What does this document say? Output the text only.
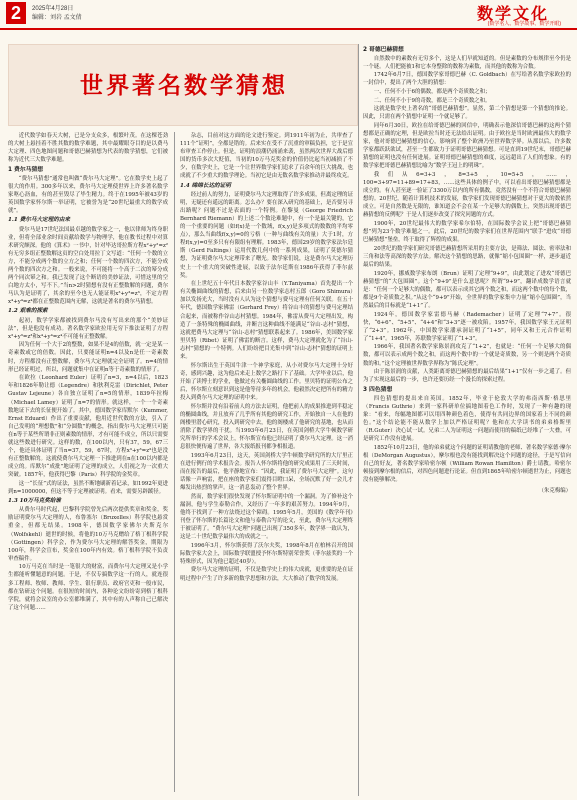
2	2025年4月28日
编辑：刘岩 孟文倩	数学文化
(数学名人、数学故事、数学开眼)
世界著名数学猜想

近代数学如春天大树，已是分支众多，根繁叶茂。在这棵苍劲的大树上悬挂着不胜其数的数学难题，其中最耀眼夺目的是以费马大定理、四色地图问题和哥德巴赫猜想为代表的数学猜想，它们被称为近代三大数学难题。

1 费尔马猜想

“费尔马猜想”通常也叫做“费尔马大定理”。它在数学史上起了很大的作用。300多年以来，费尔马大定理使世界上许多著名数学家呕心沥血，有的甚至毁尽了毕生精力。终于在1995年被43岁的英国数学家怀尔斯一举证明，它被誉为是“20世纪最重大的数学成就”。

1.1 费尔马大定理的由来

费尔马是17世纪法国最卓越的数学家之一，他以律师为终身职业，但将全部业余时间贡献给数学与物理学，他在教书过程中对算术研究颇深。他的《算术》一书中，针对毕达哥拉斯方程x²+y²=z²有无穷多组正整数解这页的空白处用拉丁文写道：“任何一个数的立方，不能分成两个数的立方之和；任何一个数的四次方，不能分成两个数的四次方之和。一般来说，不可能将一个高于二次的幂分成两个同次幂之和。我已发现了这个断语的美妙证法，可惜这里的空白地方太小，写不下。”当n>2时猜想有没有正整数解的问题，费尔马认为是证明了，其余的至今也无人能证明x³+y³=z³，不定方程x⁴+y⁴=z⁴都在正整数范围内无解，这就是著名的费尔马猜想。

1.2 艰难的探索

起初，数学学家都被找到费尔马没有写出来的那个“美妙证法”，但是他没有成功。著名数学家欧拉用无穷下推法证明了方程x³+y³=z³和x⁴+y⁴=z⁴不可能有正整数解。

因为任何一个大于2的整数，如果不是4的倍数，就一定是某一奇素数或它的倍数。因此，只要能证明n=4以及n是任一奇素数时，方程都没有正整数解，费尔马大定理就完全证明了。n=4的情形已经证明过，所以，问题就集中在证明n等于奇素数的情形了。

在欧拉（Leonhard Euler）证明了n=3，n=4以后，1823年和1826年勒让德（Legendre）和狄利克雷（Dirichlet, Peter Gustav Lejeune）各自独立证明了n=5的情形，1839年拉梅（Michael Lamey）证明了n=7的情形。就这样，一个一个奇素数地证下去的长征便开始了。其中，德国数学家库默尔（Kummer, Ernst Eduard）作出了重要贡献，他用近世代数的方法，引入了自己发明的“理想数”和“分圆数”的概念，指出费尔马大定理只可能在n等于某些所谓非正则素数的情形，才有可能不成立，所以只需要就这些数进行研究。这样的数，在100以内，只有37，59，67三个，他还具体证明了当n=37，59，67时，方程x³+y³=z³也是没有正整数解的。这就使费尔马大定理一下推进到在n在100以内都是成立的。库默尔“成批”地证明了定理的成立，人们视之为一次重大突破。1857年，他获得巴黎（Paris）科学院的金奖章。

这一“长征”式的证法，虽然不断地刷新着记录，如1992年更进到n=1000000，但这不等于定理被证明。看来，需要另辟蹊径。

1.3 10万马克奖给谁

从费尔马时代起，巴黎科学院曾先后两次提供奖章和奖金，奖励证明费尔马大定理的人，布鲁塞尔（Bruxelles）科学院也悬赏重金，但都无结果。1908年，德国数学家佛尔夫斯克尔（Wolfskehl）逝世的时候，将他的10万马克赠给了格丁根科学院（Gottingen）科学会，作为费尔马大定理的解答奖金，期限为100年，科学会宣布，奖金在100年内有效。格丁根科学院不负责审查稿件。

10万马克在当时是一笔很大的财富，而费尔马大定理又是小学生都能听懂题意的问题。于是，不仅专搞数学这一行的人，就连很多工程师、牧师、教师、学生、银行职员、政府官吏和一般市民，都在钻研这个问题。在很短的时间内，各种论文纷纷寄到格丁根科学院，就将会议室的办公室都堆满了，其中有的人声称自己已解决了这个问题……

杂志，目前对这方面的论文进行鉴定。到1911年初为止，共审查了111个“证明”，全都是错的。后来实在受不了沉重的审稿负担，它于是宣布审查工作停止。但是，证明的浪潮仍涌涌来袭，虽然两次世界大战后德国的货币多次大贬值，当初的10万马克奖金的价值仍比起当初减损了不少，在数学史上，它是一个让世界数学家们追求了百余年的巨大挑战，也成就了不少重大的数学理论。当初它是由无数名数学家推动并最终攻克。

1.4 绵绵长达的证明

经过前人的努力，证明费尔马大定理取得了许多成果，但离定理的证明，无疑还有遥远的距离。怎么办？要在深入研究的基础上，是否要另寻出路呢？问题不过是表面的一个特例。在黎曼（George Friedrich Bernhard Riemann）的上述二个数论难题中，有一个是最关键的，它的一个重要的问题（如f(x)是一个数域，f(x,y)是多项式的数数的平均零点），那么当曲线f(x,y)=0的亏格（一种与曲线有关的量）大于1时，方程f(x,y)=0至多只有有限组有理解。1983年，德国29岁的数学家法尔廷斯（Gerd Faltings）运用代数几何中的一系列成果，证明了莫德尔猜想，为证明费尔马大定理带来了曙光。数学家们说，这是费尔马大定理历史上一个重大的突破性进展，以致于法尔廷斯在1986年获得了菲尔兹奖。

在上世纪五十年代日本数学家谷山丰（Y.Taniyama）首先提出一个有关椭圆曲线的猜想，后来由另一位数学家志村五郎（Goro Shimura）加以发扬光大，当时没有人认为这个猜想与费马定理有任何关联。在五十年代，德国数学家佛雷（Gerhard Frey）将谷山丰的猜想与费马定理结合起来，而被称作谷山志村猜想。1984年，佛雷从费马大定理出发，构造了一条特殊的椭圆曲线，并断言这种曲线不能满足“谷山-志村”猜想，这就把费马大定理与“谷山-志村”猜想联系起来了。1986年，美国数学家里贝特（Ribet）证明了佛雷的断言。这样，费马大定理就化为了“谷山-志村”猜想的一个特例。人们纷纷把目光集中到“谷山-志村”猜想的证明上来。

怀尔斯出生于英国牛津一个神学家庭，从小对费尔马大定理十分好奇，感到兴趣，这为他后来走上数学之路打下了基础。大学毕业以后，他开始了读博士的学业，他做过有关椭圆曲线的工作。里贝特的证明公布之后，怀尔斯立刻意识到这是他等待多年的机会，他毅然决定把所有的精力投入到费尔马大定理的证明中来。

怀尔斯并没有沿着前人的方法去证明，他把前人的成果推进到半稳定的椭圆曲线，并且放弃了几乎所有其他的研究工作，开始独自一人在他的阁楼里潜心研究，投入到研究中去，他的阁楼成了他研究的基地，也从而消除了数学界的干扰。当1993年6月23日，在英国剑桥大学牛顿数学研究所举行的学术会议上，怀尔斯宣布他已经证明了费尔马大定理。这一消息很快便传遍了世界，各大报纸报刊都争相报道。

1993年6月23日，这天，英国剑桥大学牛顿数学研究所的大厅里正在进行例行的学术报告会。报告人怀尔斯将他的研究成果用了三天时间，而在报告的最后，他平静地宣布：“因此，我证明了费尔马大定理”。这句话像一声响雷，把在座的数学家们震得目瞪口呆，全场沉默了好一会儿才爆发出热烈的掌声。这一消息轰动了整个世界。

然而，数学家们很快发现了怀尔斯证明中的一个漏洞。为了修补这个漏洞，他与学生泰勒合作，又经历了一年多的艰苦努力。1994年9月，他终于找到了一种方法绕过这个障碍。1995年5月，美国的《数学年刊》刊登了怀尔斯的长篇论文和他与泰勒合写的论文，至此，费尔马大定理终于被证明了。“费尔马大定理”问题已出现了350多年，数学界一致认为，这是二十世纪数学最伟大的成就之一。

1996年3月，怀尔斯获得了沃尔夫奖，1998年8月在柏林召开的国际数学家大会上，国际数学联盟授予怀尔斯特别荣誉奖（菲尔兹奖的一个特殊形式，因为他已超过40岁）。

费尔马大定理的证明，不仅是数学史上的伟大成就，更重要的是在证明过程中产生了许多新的数学思想和方法，大大推动了数学的发展。

2 哥德巴赫猜想

自然数中的素数有无穷多个，这是人们早就知道的。但是素数的分布规律至今仍是一个谜。人们把能被1和它本身整除的数称为素数，而其他的数称为合数。

1742年6月7日，德国数学家哥德巴赫（C. Goldbach）在写给著名数学家欧拉的一封信中，提出了两个大胆的猜想：

一、任何不小于6的偶数，都是两个奇质数之和；

二、任何不小于9的奇数，都是三个奇质数之和。

这就是数学史上著名的“哥德巴赫猜想”。显然，第二个猜想是第一个猜想的推论。因此，只需在两个猜想中证明一个就足够了。

同年6月30日，欧拉在给哥德巴赫的回信中，明确表示他深信哥德巴赫的这两个猜想都是正确的定理，但是欧拉当时还无法给出证明。由于欧拉是当时欧洲最伟大的数学家，他对哥德巴赫猜想的信心，影响到了整个欧洲乃至世界数学界。从那以后，许多数学家都跃跃欲试，甚至一生都致力于证明哥德巴赫猜想。可是直到19世纪末，哥德巴赫猜想的证明也没有任何进展。证明哥德巴赫猜想的难度，远远超出了人们的想象。有的数学家把哥德巴赫猜想比喻为“数学王冠上的明珠”。

我们从6=3+3，8=3+5，10=5+5，……，100=3+97=11+89=17+83，……这些具体的例子中，可以看出哥德巴赫猜想都是成立的。有人甚至逐一验证了3300万以内的所有偶数，竟然没有一个不符合哥德巴赫猜想的。20世纪，随着计算机技术的发展，数学家们发现哥德巴赫猜想对于更大的数依然成立。可是自然数是无限的，谁知道会不会在某一个足够大的偶数上，突然出现哥德巴赫猜想的反例呢？于是人们逐步改变了探究问题的方式。

1900年，20世纪最伟大的数学家希尔伯特，在国际数学会议上把“哥德巴赫猜想”列为23个数学难题之一。此后，20世纪的数学家们在世界范围内“联手”进攻“哥德巴赫猜想”堡垒，终于取得了辉煌的成果。

20世纪的数学家们研究哥德巴赫猜想所采用的主要方法，是筛法、圆法、密率法和三角和法等高深的数学方法。解决这个猜想的思路，就像“缩小包围圈”一样，逐步逼近最后的结果。

1920年，挪威数学家布朗（Brun）证明了定理“9+9”，由此划定了进攻“哥德巴赫猜想”的“大包围圈”。这个“9+9”是什么意思呢？所谓“9+9”，翻译成数学语言就是：“任何一个足够大的偶数，都可以表示成其它两个数之和，而这两个数中的每个数，都是9个奇质数之积。”从这个“9+9”开始，全世界的数学家集中力量“缩小包围圈”，当然最后的目标就是“1+1”了。

1924年，德国数学家雷德马赫（Rademacher）证明了定理“7+7”。很快，“6+6”、“5+5”、“4+4”和“3+3”逐一被攻陷。1957年，我国数学家王元证明了“2+3”。1962年，中国数学家潘承洞证明了“1+5”，同年又和王元合作证明了“1+4”。1965年，苏联数学家证明了“1+3”。

1966年，我国著名数学家陈景润攻克了“1+2”，也就是：“任何一个足够大的偶数，都可以表示成两个数之和，而这两个数中的一个就是奇质数，另一个则是两个奇质数的和。”这个定理被世界数学界称为“陈氏定理”。

由于陈景润的贡献，人类距离哥德巴赫猜想的最后结果“1+1”仅有一步之遥了。但为了实现这最后的一步，也许还要历经一个漫长的探索过程。

3 四色猜想

四色猜想的提出来自英国。1852年，毕业于伦敦大学的弗南西斯·格思里（Francis Guthrie）来到一家科研单位搞地图着色工作时，发现了一种有趣的现象：“看来，每幅地图都可以用四种颜色着色，使得有共同边界的国家着上不同的颜色。”这个结论能不能从数学上加以严格证明呢？他和在大学读书的弟弟格斯里（R.Guter）决心试一试。兄弟二人为证明这一问题而使用的稿纸已经堆了一大叠，可是研究工作没有进展。

1852年10月23日，他的弟弟就这个问题的证明请教他的老师、著名数学家德·摩尔根（DeMorgan Augustus），摩尔根也没有能找到解决这个问题的途径，于是写信向自己的好友，著名数学家哈密尔顿（William Rowan Hamilton）爵士请教。哈密尔顿接到摩尔根的信后，对四色问题进行论证。但直到1865年哈密尔顿逝世为止，问题也没有能够解决。

（朱克梅编）
